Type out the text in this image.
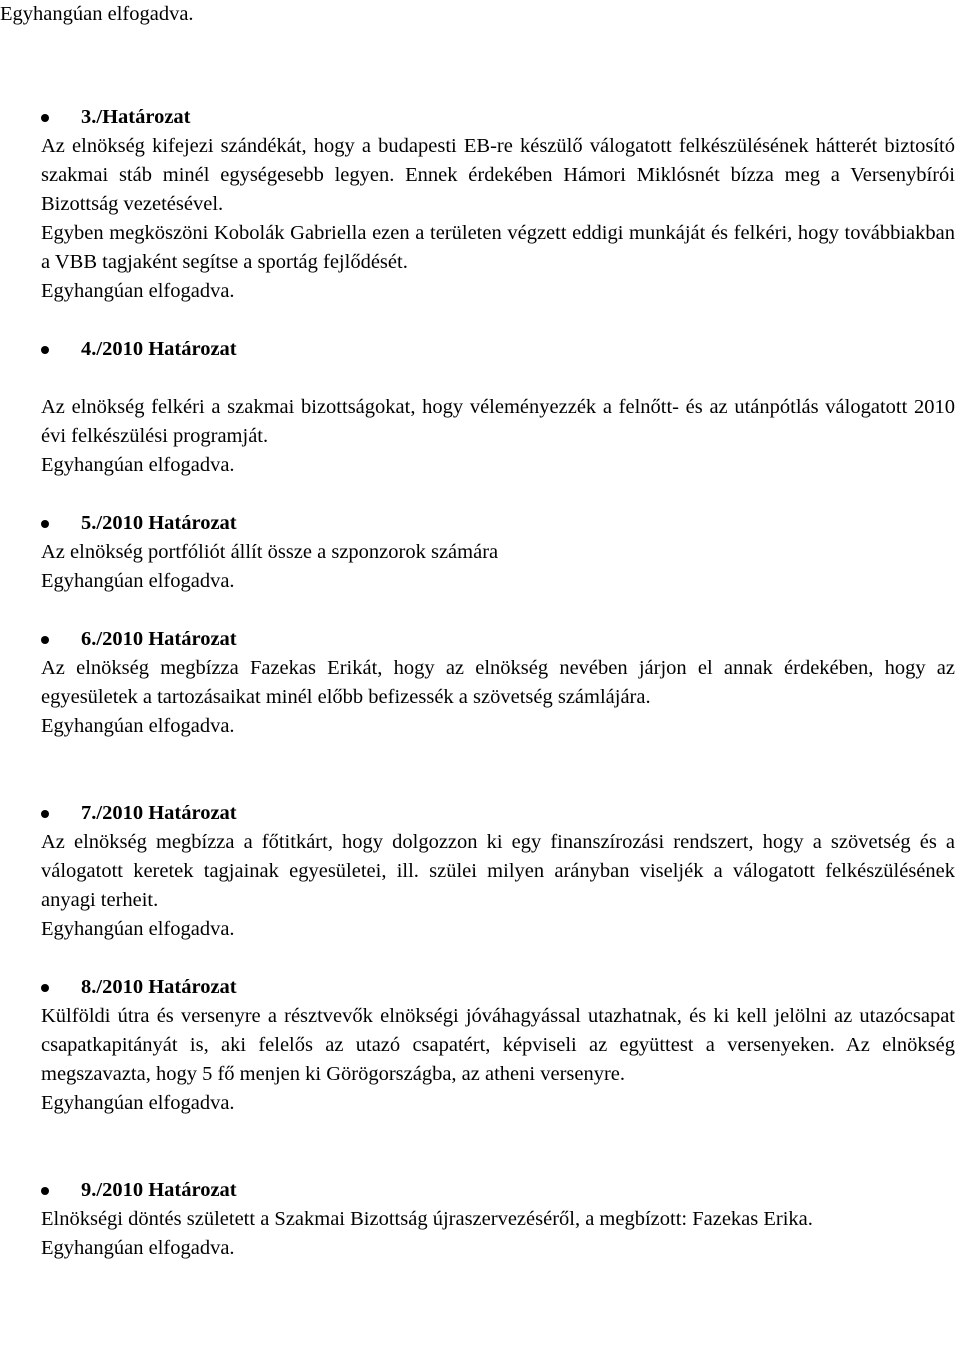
Egyhangúan elfogadva.
3./Határozat
Az elnökség kifejezi szándékát, hogy a budapesti EB-re készülő válogatott felkészülésének hátterét biztosító szakmai stáb minél egységesebb legyen. Ennek érdekében Hámori Miklósnét bízza meg a Versenybírói Bizottság vezetésével.
Egyben megköszöni Kobolák Gabriella ezen a területen végzett eddigi munkáját és felkéri, hogy továbbiakban a VBB tagjaként segítse a sportág fejlődését.
Egyhangúan elfogadva.
4./2010 Határozat
Az elnökség felkéri a szakmai bizottságokat, hogy véleményezzék a felnőtt- és az utánpótlás válogatott 2010 évi felkészülési programját.
Egyhangúan elfogadva.
5./2010 Határozat
Az elnökség portfóliót állít össze a szponzorok számára
Egyhangúan elfogadva.
6./2010 Határozat
Az elnökség megbízza Fazekas Erikát, hogy az elnökség nevében járjon el annak érdekében, hogy az egyesületek a tartozásaikat minél előbb befizessék a szövetség számlájára.
Egyhangúan elfogadva.
7./2010 Határozat
Az elnökség megbízza a főtitkárt, hogy dolgozzon ki egy finanszírozási rendszert, hogy a szövetség és a válogatott keretek tagjainak egyesületei, ill. szülei milyen arányban viseljék a válogatott felkészülésének anyagi terheit.
Egyhangúan elfogadva.
8./2010 Határozat
Külföldi útra és versenyre a résztvevők elnökségi jóváhagyással utazhatnak, és ki kell jelölni az utazócsapat csapatkapitányát is, aki felelős az utazó csapatért, képviseli az együttest a versenyeken. Az elnökség megszavazta, hogy 5 fő menjen ki Görögországba, az atheni versenyre.
Egyhangúan elfogadva.
9./2010 Határozat
Elnökségi döntés született a Szakmai Bizottság újraszervezéséről, a megbízott: Fazekas Erika.
Egyhangúan elfogadva.
